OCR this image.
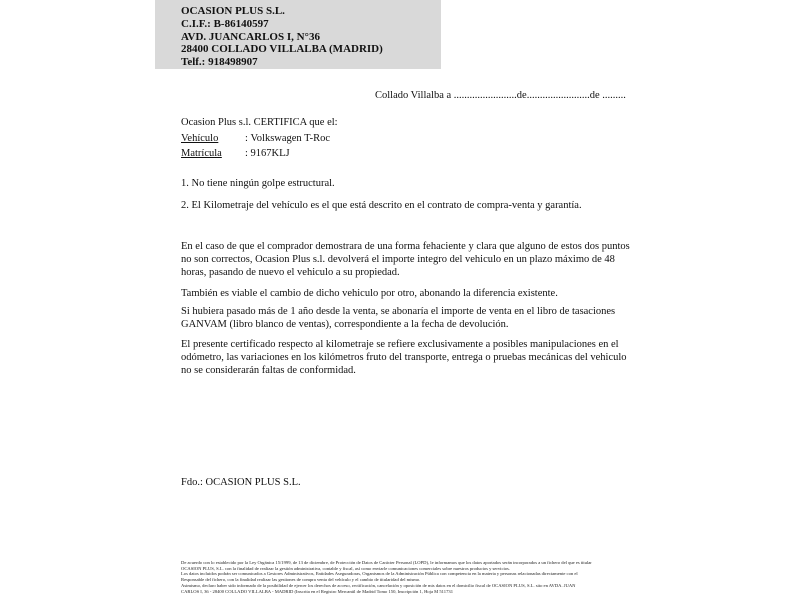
OCASION PLUS S.L.
C.I.F.: B-86140597
AVD. JUANCARLOS I, N°36
28400 COLLADO VILLALBA (MADRID)
Telf.: 918498907
Collado Villalba a ........................de........................de .........
Ocasion Plus s.l. CERTIFICA que el:
Vehículo	: Volkswagen T-Roc
Matrícula : 9167KLJ
1. No tiene ningún golpe estructural.
2. El Kilometraje del vehículo es el que está descrito en el contrato de compra-venta y garantía.
En el caso de que el comprador demostrara de una forma fehaciente y clara que alguno de estos dos puntos no son correctos, Ocasion Plus s.l. devolverá el importe integro del vehiculo en un plazo máximo de 48 horas, pasando de nuevo el vehiculo a su propiedad.
También es viable el cambio de dicho vehiculo por otro, abonando la diferencia existente.
Si hubiera pasado más de 1 año desde la venta, se abonaría el importe de venta en el libro de tasaciones GANVAM (libro blanco de ventas), correspondiente a la fecha de devolución.
El presente certificado respecto al kilometraje se refiere exclusivamente a posibles manipulaciones en el odómetro, las variaciones en los kilómetros fruto del transporte, entrega o pruebas mecánicas del vehiculo no se considerarán faltas de conformidad.
Fdo.: OCASION PLUS S.L.
De acuerdo con lo establecido por la Ley Orgánica 15/1999, de 13 de diciembre, de Protección de Datos de Carácter Personal (LOPD), le informamos que los datos aportados serán incorporados a un fichero del que es titular
OCASION PLUS, S.L. con la finalidad de realizar la gestión administrativa, contable y fiscal, así como enviarle comunicaciones comerciales sobre nuestros productos y servicios.
Los datos incluidos podrán ser comunicados a Gestores Administrativos, Entidades Aseguradoras, Organismos de la Administración Pública con competencia en la materia y personas relacionadas directamente con el
Responsable del fichero, con la finalidad realizar las gestiones de compra venta del vehículo y el cambio de titularidad del mismo.
Asimismo, declaro haber sido informado de la posibilidad de ejercer los derechos de acceso, rectificación, cancelación y oposición de mis datos en el domicilio fiscal de OCASION PLUS, S.L. sito en AVDA. JUAN
CARLOS I, 36 - 28400 COLLADO VILLALBA - MADRID (Inscrita en el Registro Mercantil de Madrid Tomo 150, Inscripción 1, Hoja M 511731
